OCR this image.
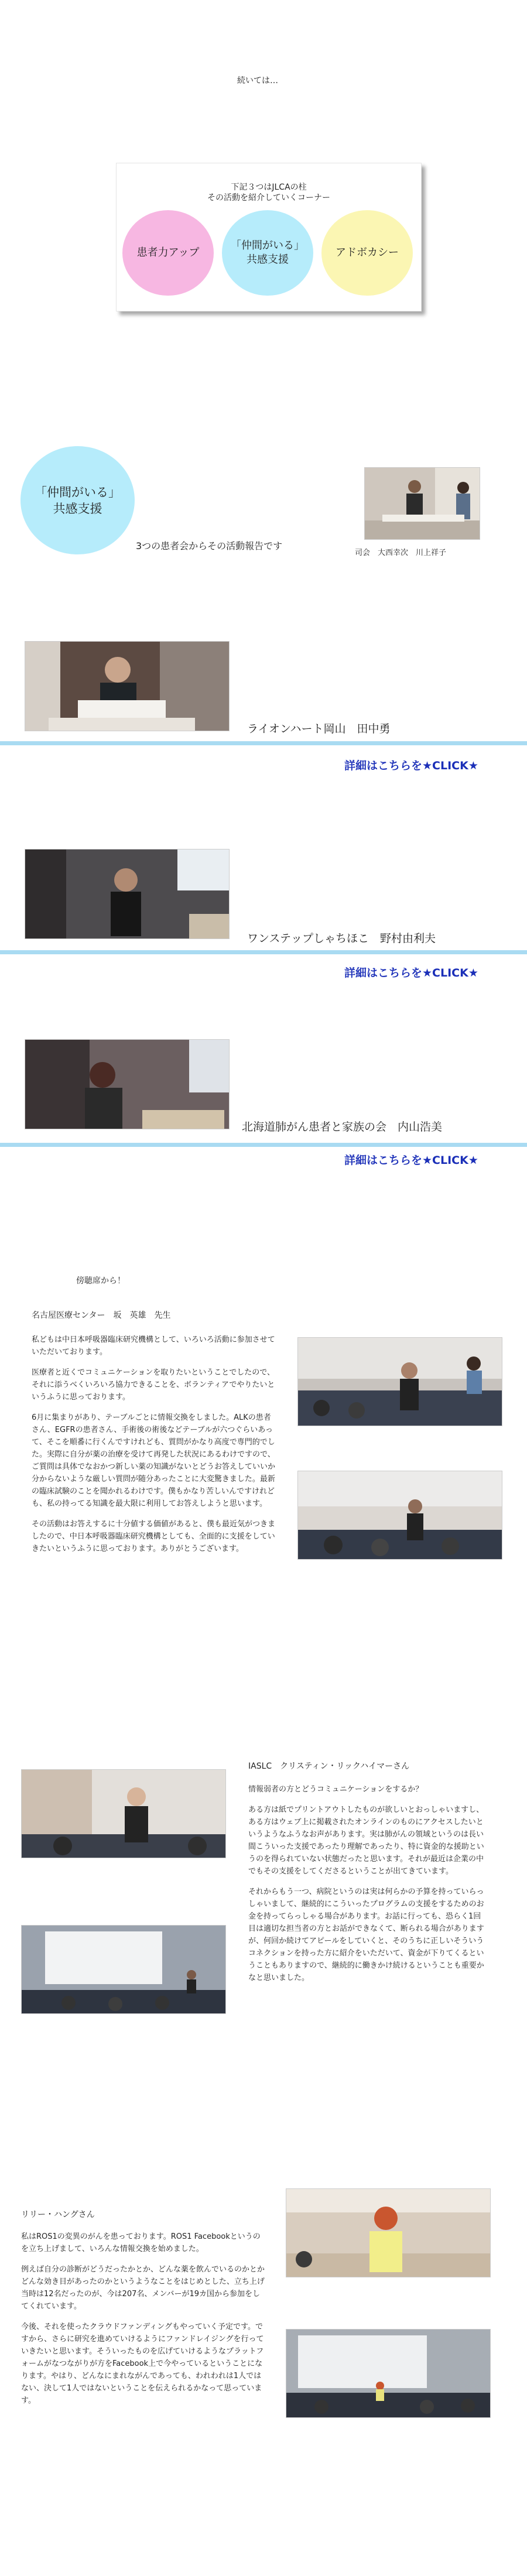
続いては…
下記３つはJLCAの柱
その活動を紹介していくコーナー
患者力アップ
「仲間がいる」
共感支援
アドボカシー
「仲間がいる」
共感支援
3つの患者会からその活動報告です
司会　大西幸次　川上祥子
ライオンハート岡山　田中勇
詳細はこちらを★CLICK★
ワンステップしゃちほこ　野村由利夫
詳細はこちらを★CLICK★
北海道肺がん患者と家族の会　内山浩美
詳細はこちらを★CLICK★
傍聴席から！
名古屋医療センター　坂　英雄　先生

私どもは中日本呼吸器臨床研究機構として、いろいろ活動に参加させていただいております。

医療者と近くでコミュニケーションを取りたいということでしたので、それに添うべくいろいろ協力できることを、ボランティアでやりたいというふうに思っております。

6月に集まりがあり、テーブルごとに情報交換をしました。ALKの患者さん、EGFRの患者さん、手術後の術後などテーブルが六つぐらいあって、そこを順番に行くんですけれども、質問がかなり高度で専門的でした。実際に自分が薬の治療を受けて再発した状況にあるわけですので、ご質問は具体でなおかつ新しい薬の知識がないとどうお答えしていいか分からないような厳しい質問が随分あったことに大変驚きました。最新の臨床試験のことを聞かれるわけです。僕もかなり苦しいんですけれども、私の持ってる知識を最大限に利用してお答えしようと思います。

その活動はお答えするに十分値する価値があると、僕も最近気がつきましたので、中日本呼吸器臨床研究機構としても、全面的に支援をしていきたいというふうに思っております。ありがとうございます。

IASLC　クリスティン・リックハイマーさん

情報弱者の方とどうコミュニケーションをするか？

ある方は紙でプリントアウトしたものが欲しいとおっしゃいますし、ある方はウェブ上に掲載されたオンラインのものにアクセスしたいというようなふうなお声があります。実は肺がんの領域というのは長い間こういった支援であったり理解であったり、特に資金的な援助というのを得られていない状態だったと思います。それが最近は企業の中でもその支援をしてくださるということが出てきています。

それからもう一つ、病院というのは実は何らかの予算を持っていらっしゃいまして、継続的にこういったプログラムの支援をするためのお金を持ってらっしゃる場合があります。お話に行っても、恐らく1回目は適切な担当者の方とお話ができなくて、断られる場合がありますが、何回か続けてアピールをしていくと、そのうちに正しいそういうコネクションを持った方に紹介をいただいて、資金が下りてくるということもありますので、継続的に働きかけ続けるということも重要かなと思いました。

リリー・ハングさん

私はROS1の変異のがんを患っております。ROS1 Facebookというのを立ち上げまして、いろんな情報交換を始めました。

例えば自分の診断がどうだったかとか、どんな薬を飲んでいるのかとかどんな効き目があったのかというようなことをはじめとした、立ち上げ当時は12名だったのが、今は207名、メンバーが19カ国から参加をしてくれています。

今後、それを使ったクラウドファンディングもやっていく予定です。ですから、さらに研究を進めていけるようにファンドレイジングを行っていきたいと思います。そういったものを広げていけるようなプラットフォームがなつながりが方をFacebook上で今やっているということになります。やはり、どんなにまれながんであっても、われわれは1人ではない、決して1人ではないということを伝えられるかなって思っています。
